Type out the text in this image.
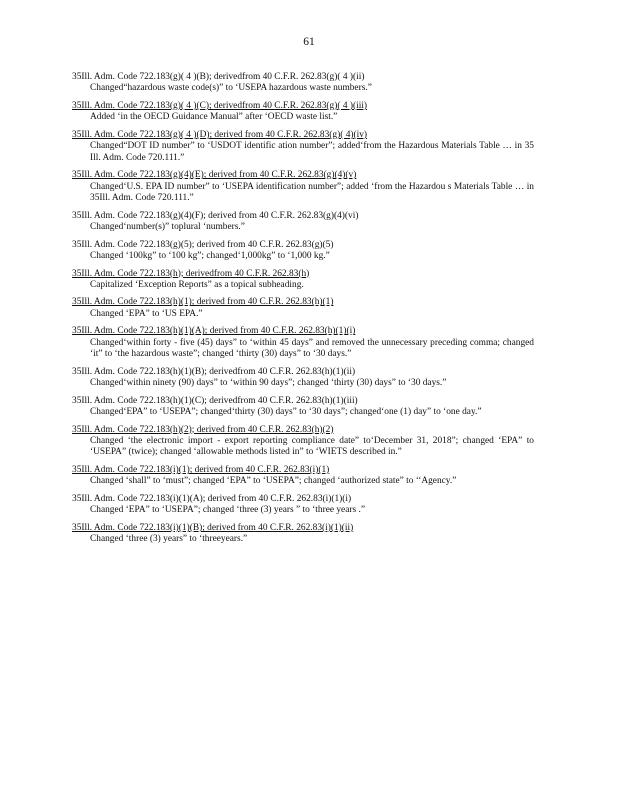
61
35Ill. Adm. Code 722.183(g)( 4 )(B); derivedfrom 40 C.F.R. 262.83(g)( 4 )(ii)
Changed“hazardous waste code(s)” to ‘USEPA hazardous waste numbers.”
35Ill. Adm. Code 722.183(g)( 4 )(C); derivedfrom 40 C.F.R. 262.83(g)( 4 )(iii)
Added ‘in the OECD Guidance Manual” after ‘OECD waste list.”
35Ill. Adm. Code 722.183(g)( 4 )(D); derived from 40 C.F.R. 262.83(g)( 4)(iv)
Changed“DOT ID number” to ‘USDOT identific ation number”; added‘from the Hazardous Materials Table … in 35 Ill. Adm. Code 720.111.”
35Ill. Adm. Code 722.183(g)(4)(E); derived from 40 C.F.R. 262.83(g)(4)(v)
Changed‘U.S. EPA ID number” to ‘USEPA identification number”; added ‘from the Hazardou s Materials Table … in 35Ill. Adm. Code 720.111.”
35Ill. Adm. Code 722.183(g)(4)(F); derived from 40 C.F.R. 262.83(g)(4)(vi)
Changed‘number(s)” toplural ‘numbers.”
35Ill. Adm. Code 722.183(g)(5); derived from 40 C.F.R. 262.83(g)(5)
Changed ‘100kg” to ‘100 kg”; changed‘1,000kg” to ‘1,000 kg.”
35Ill. Adm. Code 722.183(h); derivedfrom 40 C.F.R. 262.83(h)
Capitalized ‘Exception Reports” as a topical subheading.
35Ill. Adm. Code 722.183(h)(1); derived from 40 C.F.R. 262.83(h)(1)
Changed ‘EPA” to ‘US EPA.”
35Ill. Adm. Code 722.183(h)(1)(A); derived from 40 C.F.R. 262.83(h)(1)(i)
Changed‘within forty - five (45) days” to ‘within 45 days” and removed the unnecessary preceding comma; changed ‘it” to ‘the hazardous waste”; changed ‘thirty (30) days” to ‘30 days.”
35Ill. Adm. Code 722.183(h)(1)(B); derivedfrom 40 C.F.R. 262.83(h)(1)(ii)
Changed‘within ninety (90) days” to ‘within 90 days”; changed ‘thirty (30) days” to ‘30 days.”
35Ill. Adm. Code 722.183(h)(1)(C); derivedfrom 40 C.F.R. 262.83(h)(1)(iii)
Changed‘EPA” to ‘USEPA”; changed‘thirty (30) days” to ‘30 days”; changed‘one (1) day” to ‘one day.”
35Ill. Adm. Code 722.183(h)(2); derived from 40 C.F.R. 262.83(h)(2)
Changed ‘the electronic import - export reporting compliance date” to‘December 31, 2018”; changed ‘EPA” to ‘USEPA” (twice); changed ‘allowable methods listed in” to ‘WIETS described in.”
35Ill. Adm. Code 722.183(i)(1); derived from 40 C.F.R. 262.83(i)(1)
Changed ‘shall” to ‘must”; changed ‘EPA” to ‘USEPA”; changed ‘authorized state” to ‘‘Agency.”
35Ill. Adm. Code 722.183(i)(1)(A); derived from 40 C.F.R. 262.83(i)(1)(i)
Changed ‘EPA” to ‘USEPA”; changed ‘three (3) years ” to ‘three years .”
35Ill. Adm. Code 722.183(i)(1)(B); derived from 40 C.F.R. 262.83(i)(1)(ii)
Changed ‘three (3) years” to ‘threeyears.”
